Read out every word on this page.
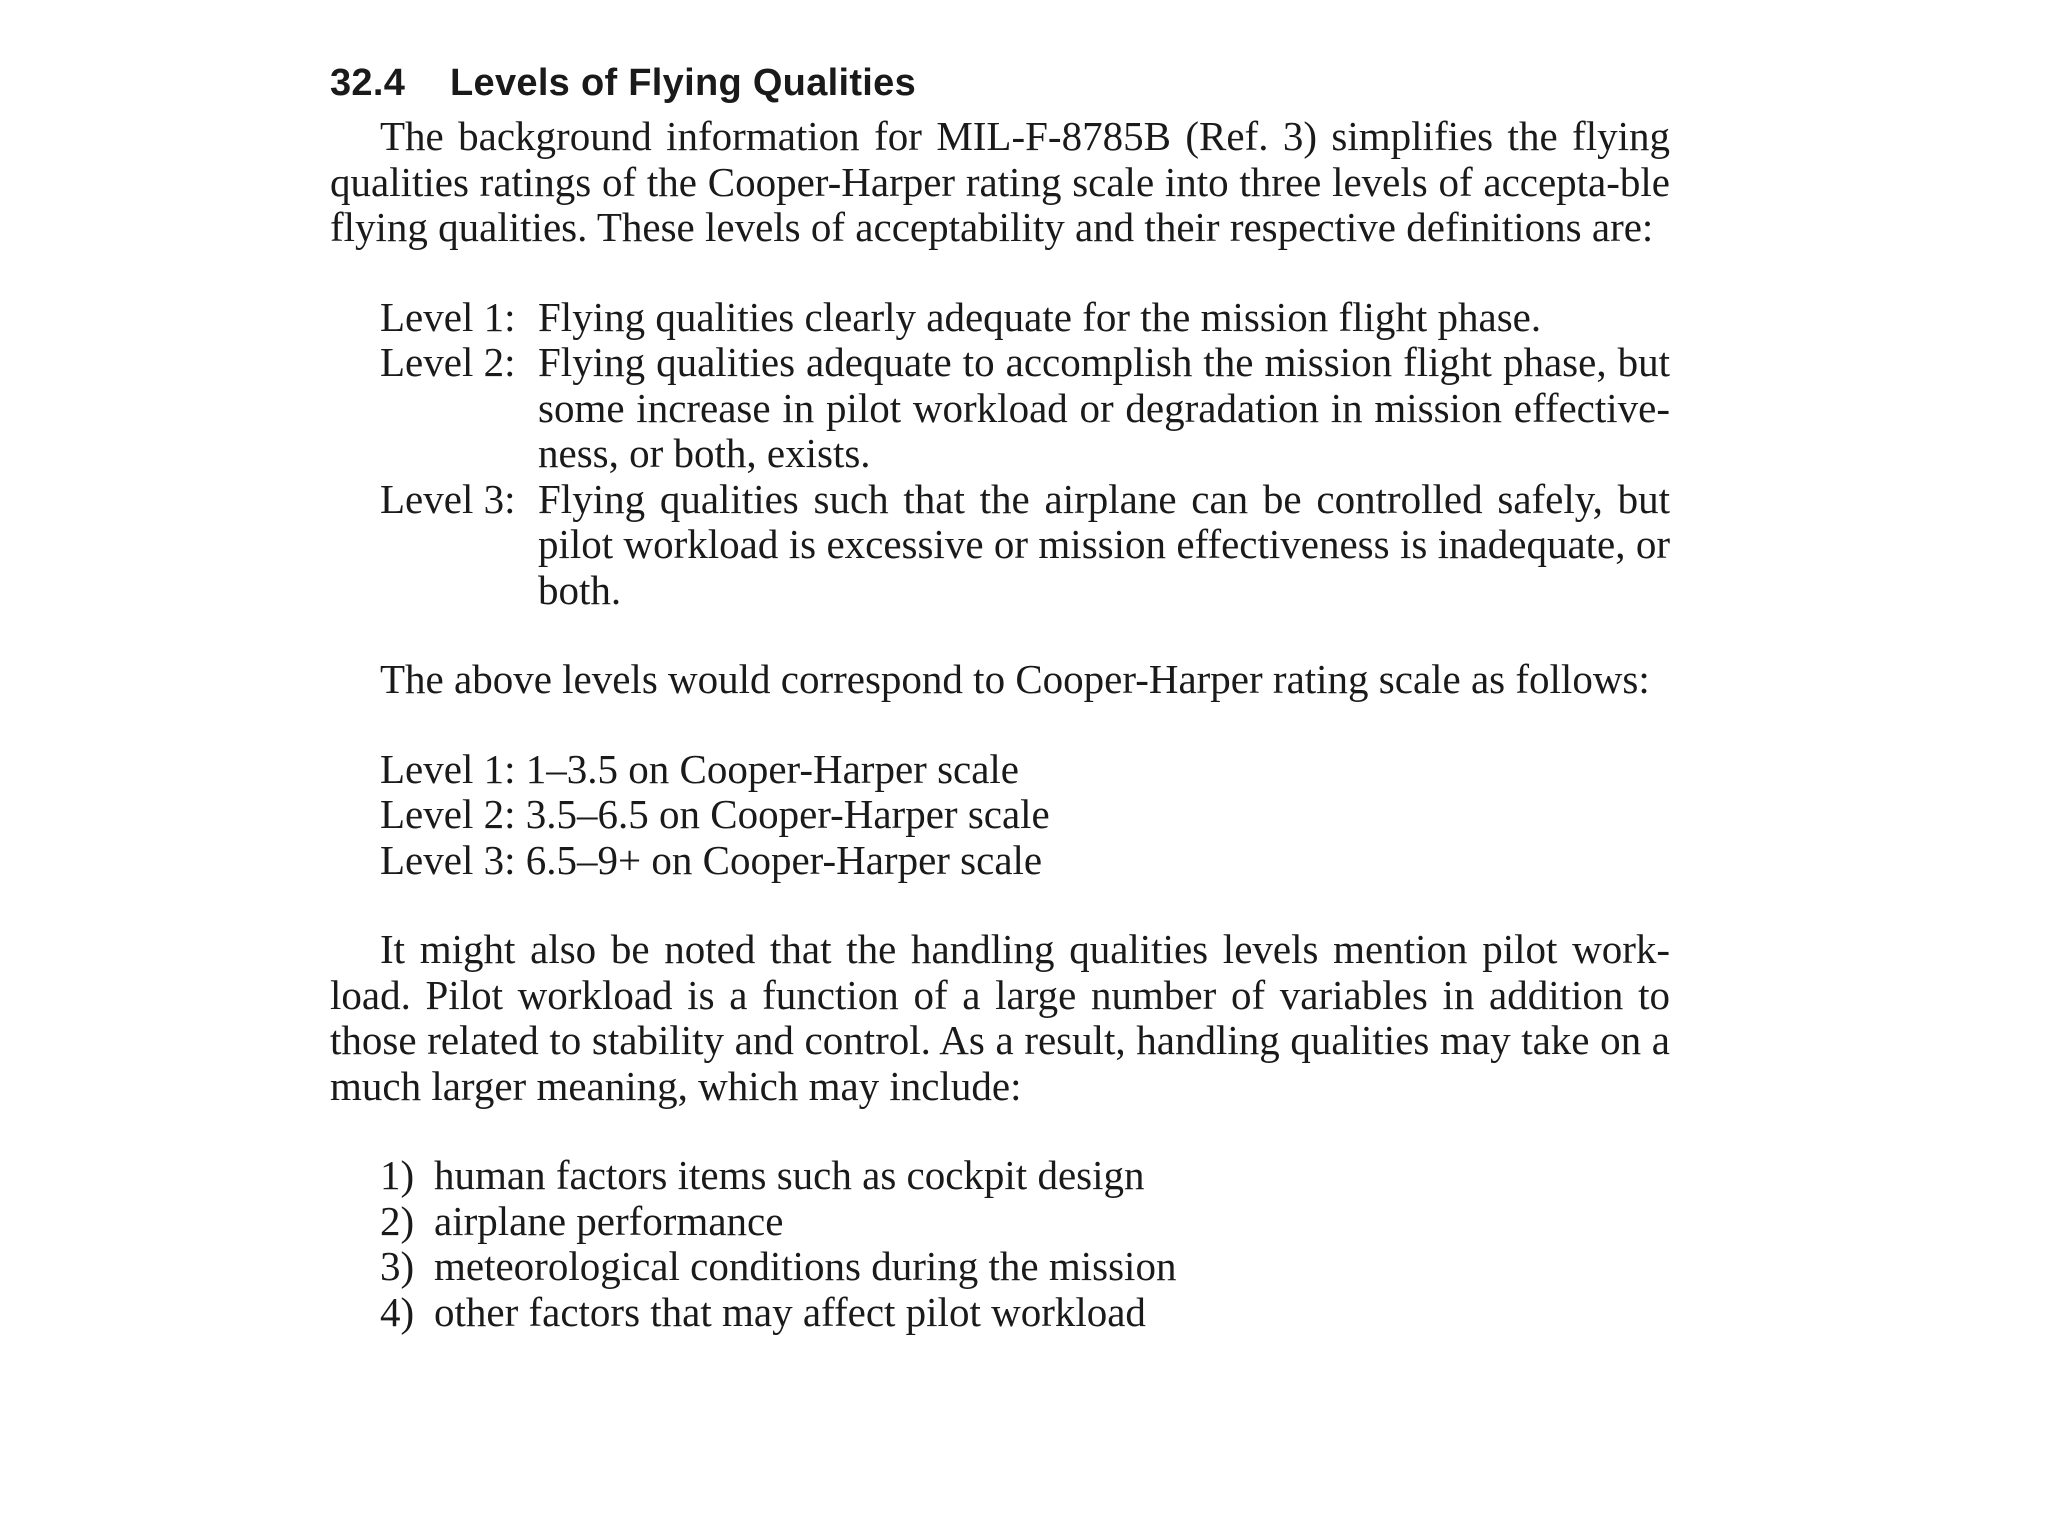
32.4 Levels of Flying Qualities

The background information for MIL-F-8785B (Ref. 3) simplifies the flying qualities ratings of the Cooper-Harper rating scale into three levels of accepta-ble flying qualities. These levels of acceptability and their respective definitions are:

Level 1: Flying qualities clearly adequate for the mission flight phase.
Level 2: Flying qualities adequate to accomplish the mission flight phase, but some increase in pilot workload or degradation in mission effective-ness, or both, exists.
Level 3: Flying qualities such that the airplane can be controlled safely, but pilot workload is excessive or mission effectiveness is inadequate, or both.

The above levels would correspond to Cooper-Harper rating scale as follows:

Level 1: 1–3.5 on Cooper-Harper scale
Level 2: 3.5–6.5 on Cooper-Harper scale
Level 3: 6.5–9+ on Cooper-Harper scale

It might also be noted that the handling qualities levels mention pilot work-load. Pilot workload is a function of a large number of variables in addition to those related to stability and control. As a result, handling qualities may take on a much larger meaning, which may include:

1) human factors items such as cockpit design
2) airplane performance
3) meteorological conditions during the mission
4) other factors that may affect pilot workload
